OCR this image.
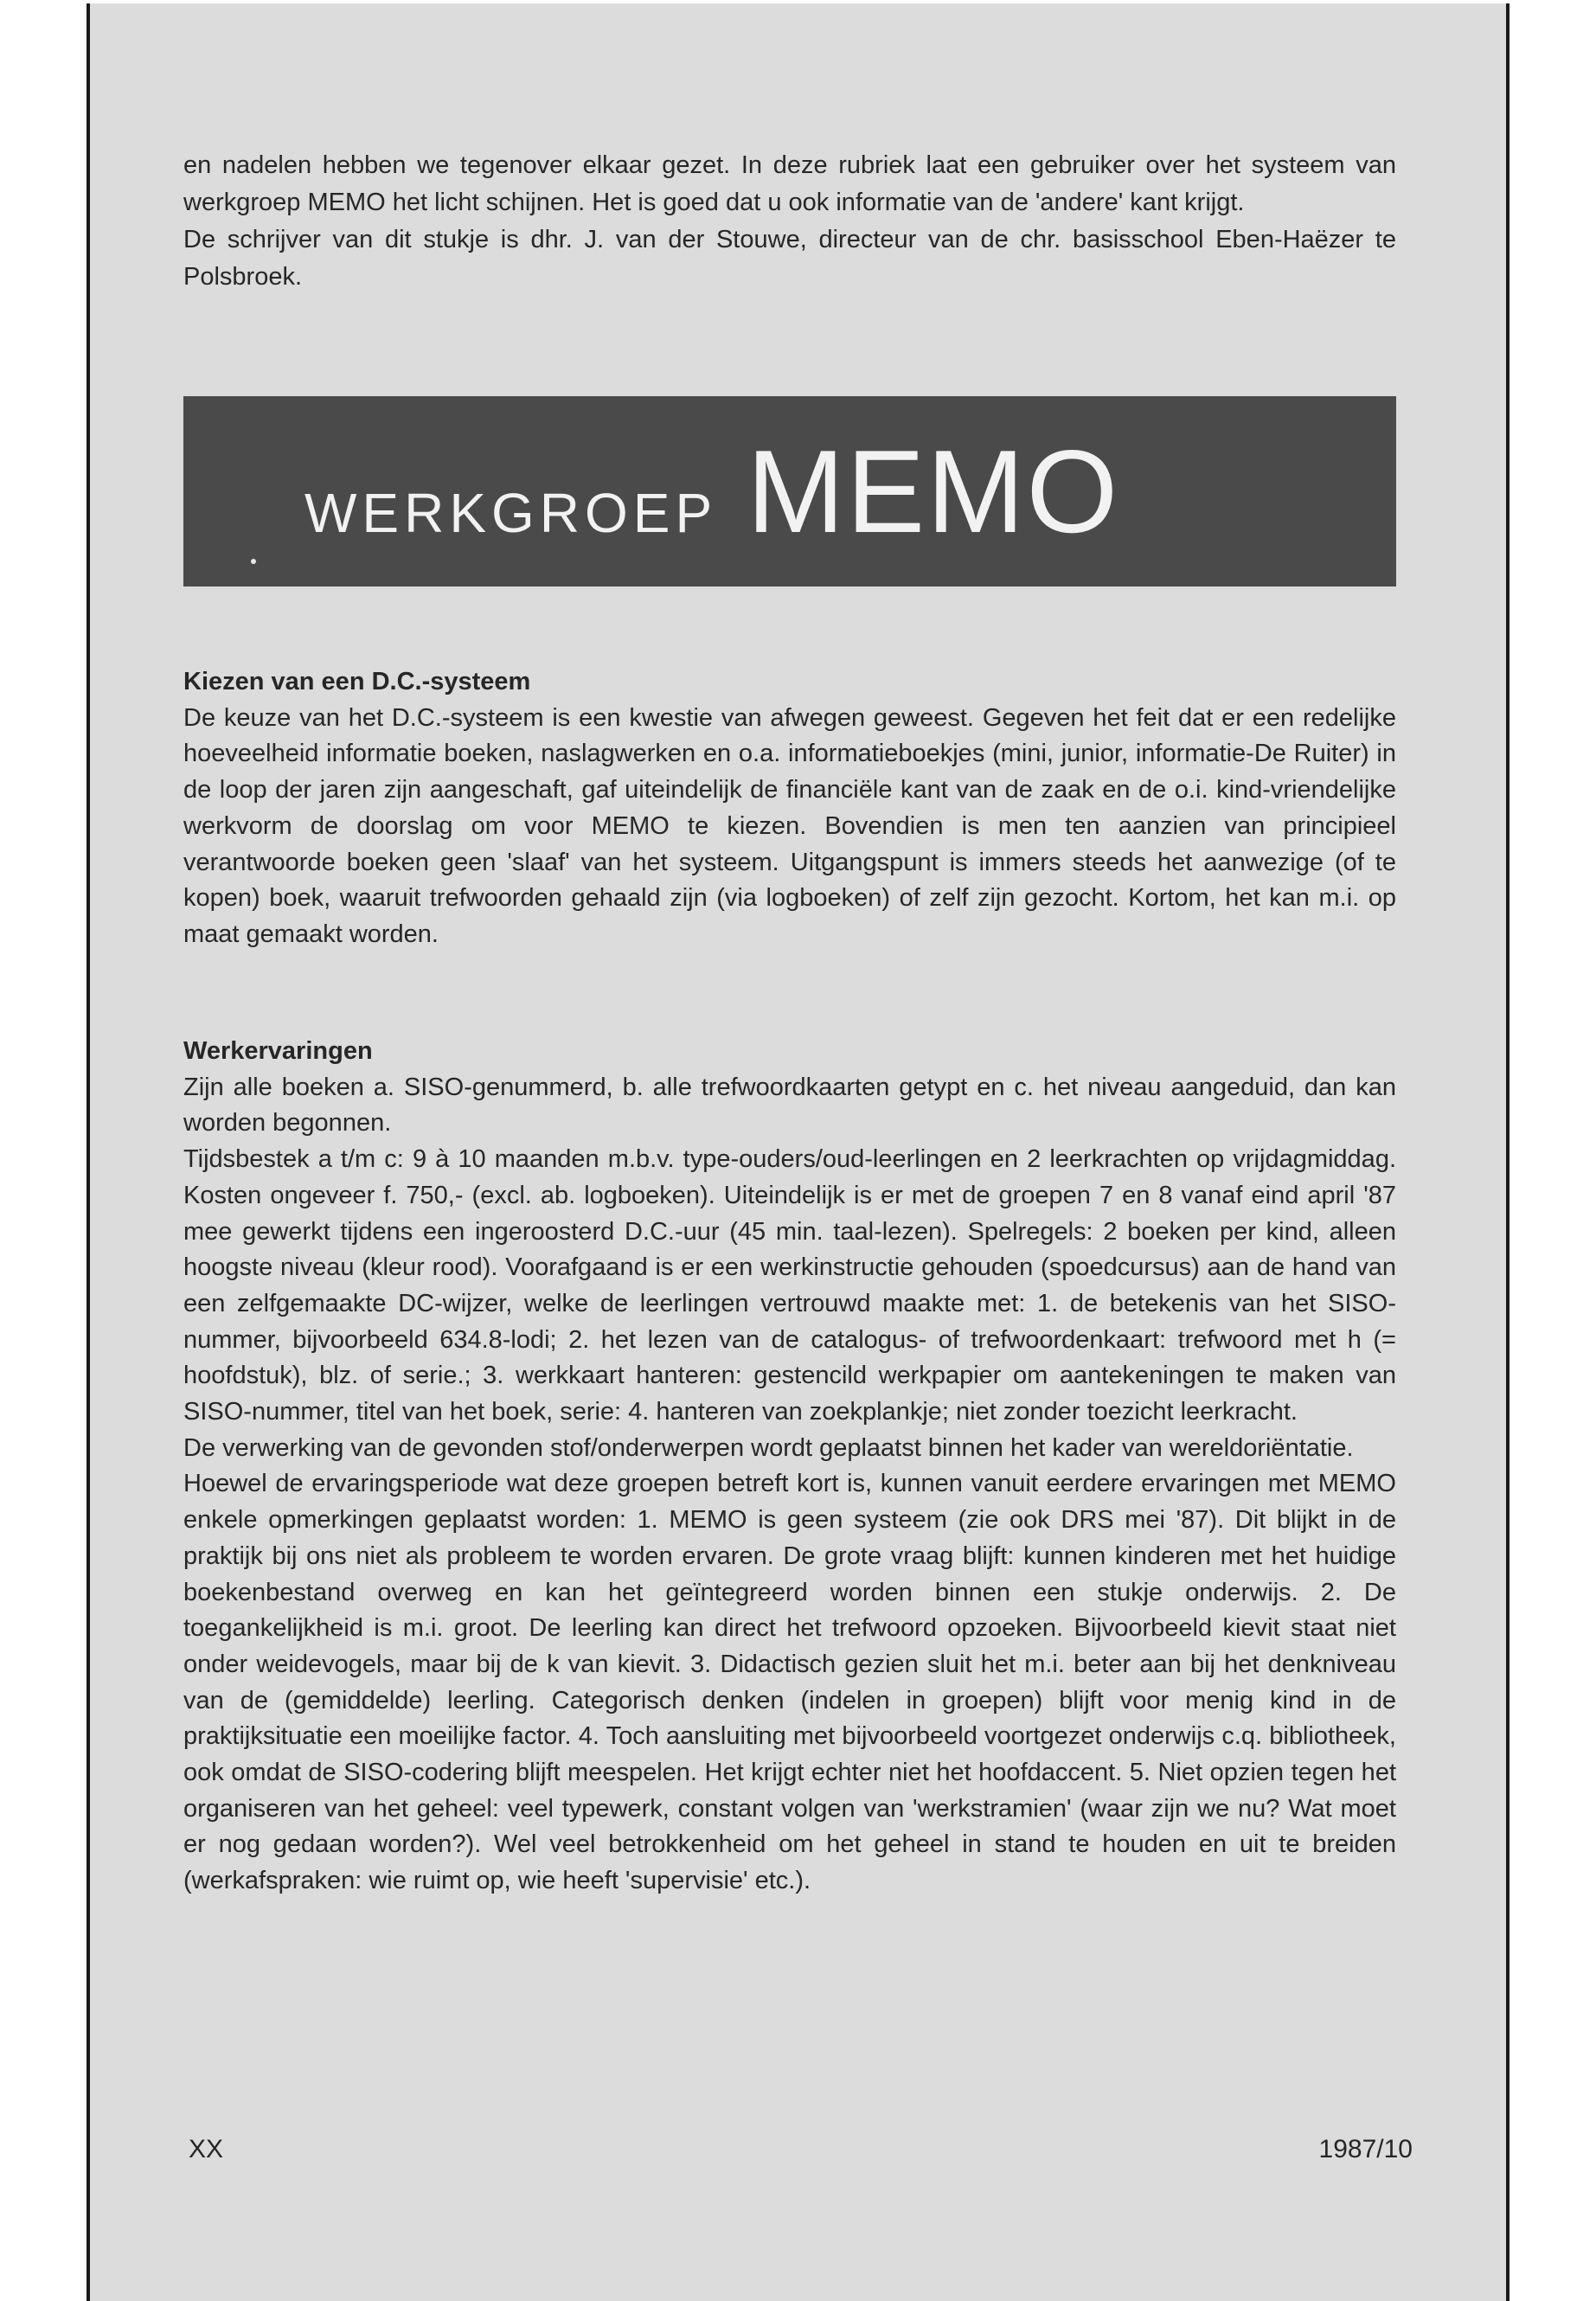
en nadelen hebben we tegenover elkaar gezet. In deze rubriek laat een gebruiker over het systeem van werkgroep MEMO het licht schijnen. Het is goed dat u ook informatie van de 'andere' kant krijgt.

De schrijver van dit stukje is dhr. J. van der Stouwe, directeur van de chr. basisschool Eben-Haëzer te Polsbroek.

WERKGROEP MEMO
Kiezen van een D.C.-systeem

De keuze van het D.C.-systeem is een kwestie van afwegen geweest. Gegeven het feit dat er een redelijke hoeveelheid informatie boeken, naslagwerken en o.a. informatieboekjes (mini, junior, informatie-De Ruiter) in de loop der jaren zijn aangeschaft, gaf uiteindelijk de financiële kant van de zaak en de o.i. kind-vriendelijke werkvorm de doorslag om voor MEMO te kiezen. Bovendien is men ten aanzien van principieel verantwoorde boeken geen 'slaaf' van het systeem. Uitgangspunt is immers steeds het aanwezige (of te kopen) boek, waaruit trefwoorden gehaald zijn (via logboeken) of zelf zijn gezocht. Kortom, het kan m.i. op maat gemaakt worden.

Werkervaringen

Zijn alle boeken a. SISO-genummerd, b. alle trefwoordkaarten getypt en c. het niveau aangeduid, dan kan worden begonnen.

Tijdsbestek a t/m c: 9 à 10 maanden m.b.v. type-ouders/oud-leerlingen en 2 leerkrachten op vrijdagmiddag. Kosten ongeveer f. 750,- (excl. ab. logboeken). Uiteindelijk is er met de groepen 7 en 8 vanaf eind april '87 mee gewerkt tijdens een ingeroosterd D.C.-uur (45 min. taal-lezen). Spelregels: 2 boeken per kind, alleen hoogste niveau (kleur rood). Voorafgaand is er een werkinstructie gehouden (spoedcursus) aan de hand van een zelfgemaakte DC-wijzer, welke de leerlingen vertrouwd maakte met: 1. de betekenis van het SISO-nummer, bijvoorbeeld 634.8-lodi; 2. het lezen van de catalogus- of trefwoordenkaart: trefwoord met h (= hoofdstuk), blz. of serie.; 3. werkkaart hanteren: gestencild werkpapier om aantekeningen te maken van SISO-nummer, titel van het boek, serie: 4. hanteren van zoekplankje; niet zonder toezicht leerkracht.

De verwerking van de gevonden stof/onderwerpen wordt geplaatst binnen het kader van wereldoriëntatie.

Hoewel de ervaringsperiode wat deze groepen betreft kort is, kunnen vanuit eerdere ervaringen met MEMO enkele opmerkingen geplaatst worden: 1. MEMO is geen systeem (zie ook DRS mei '87). Dit blijkt in de praktijk bij ons niet als probleem te worden ervaren. De grote vraag blijft: kunnen kinderen met het huidige boekenbestand overweg en kan het geïntegreerd worden binnen een stukje onderwijs. 2. De toegankelijkheid is m.i. groot. De leerling kan direct het trefwoord opzoeken. Bijvoorbeeld kievit staat niet onder weidevogels, maar bij de k van kievit. 3. Didactisch gezien sluit het m.i. beter aan bij het denkniveau van de (gemiddelde) leerling. Categorisch denken (indelen in groepen) blijft voor menig kind in de praktijksituatie een moeilijke factor. 4. Toch aansluiting met bijvoorbeeld voortgezet onderwijs c.q. bibliotheek, ook omdat de SISO-codering blijft meespelen. Het krijgt echter niet het hoofdaccent. 5. Niet opzien tegen het organiseren van het geheel: veel typewerk, constant volgen van 'werkstramien' (waar zijn we nu? Wat moet er nog gedaan worden?). Wel veel betrokkenheid om het geheel in stand te houden en uit te breiden (werkafspraken: wie ruimt op, wie heeft 'supervisie' etc.).

XX	1987/10
